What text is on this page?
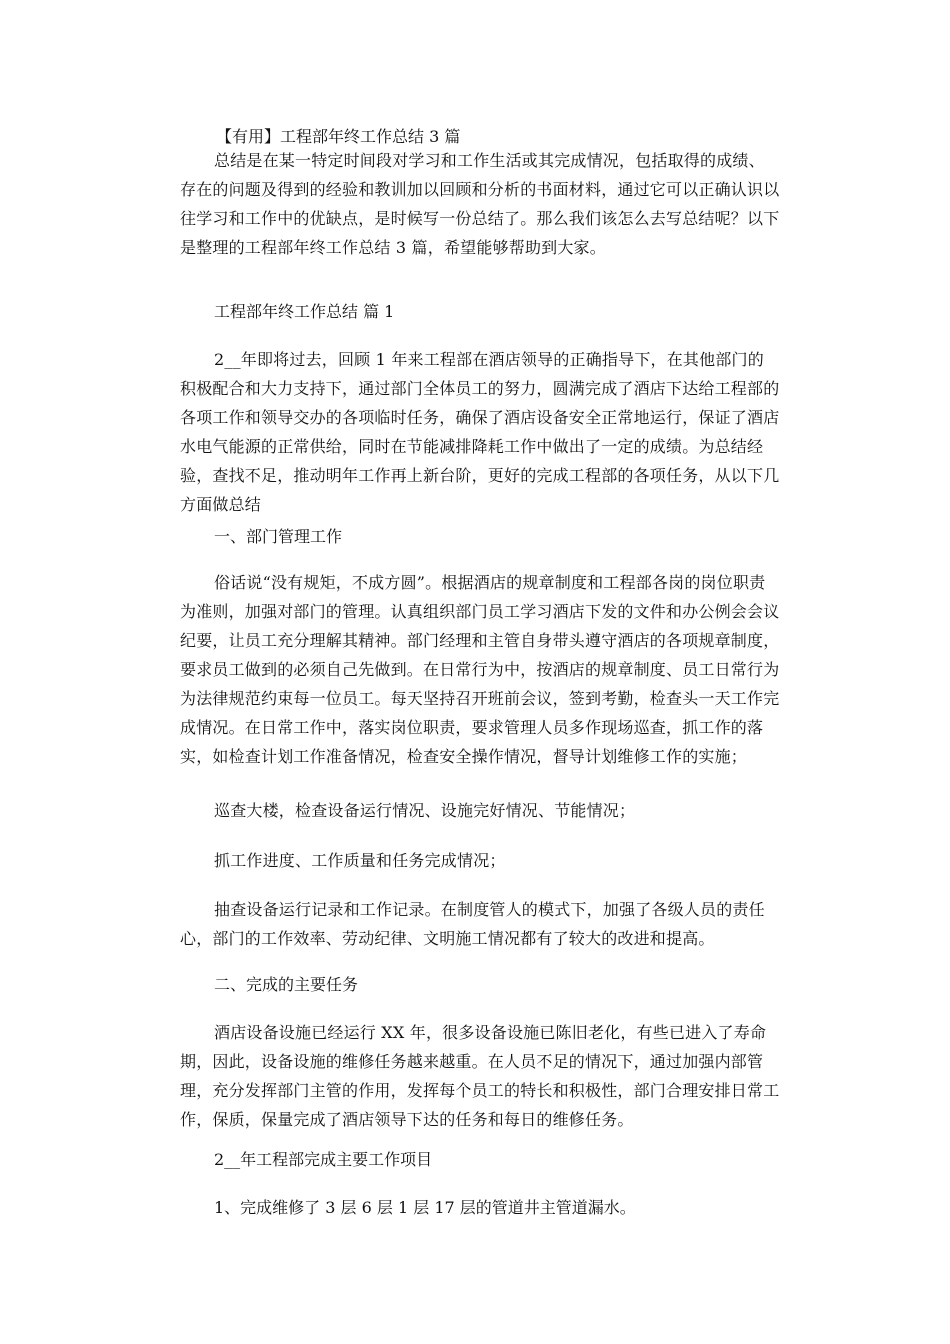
【有用】工程部年终工作总结 3 篇

总结是在某一特定时间段对学习和工作生活或其完成情况，包括取得的成绩、存在的问题及得到的经验和教训加以回顾和分析的书面材料，通过它可以正确认识以往学习和工作中的优缺点，是时候写一份总结了。那么我们该怎么去写总结呢？以下是整理的工程部年终工作总结 3 篇，希望能够帮助到大家。

工程部年终工作总结 篇 1

2__年即将过去，回顾 1 年来工程部在酒店领导的正确指导下，在其他部门的积极配合和大力支持下，通过部门全体员工的努力，圆满完成了酒店下达给工程部的各项工作和领导交办的各项临时任务，确保了酒店设备安全正常地运行，保证了酒店水电气能源的正常供给，同时在节能减排降耗工作中做出了一定的成绩。为总结经验，查找不足，推动明年工作再上新台阶，更好的完成工程部的各项任务，从以下几方面做总结

一、部门管理工作

俗话说“没有规矩，不成方圆”。根据酒店的规章制度和工程部各岗的岗位职责为准则，加强对部门的管理。认真组织部门员工学习酒店下发的文件和办公例会会议纪要，让员工充分理解其精神。部门经理和主管自身带头遵守酒店的各项规章制度，要求员工做到的必须自己先做到。在日常行为中，按酒店的规章制度、员工日常行为为法律规范约束每一位员工。每天坚持召开班前会议，签到考勤，检查头一天工作完成情况。在日常工作中，落实岗位职责，要求管理人员多作现场巡查，抓工作的落实，如检查计划工作准备情况，检查安全操作情况，督导计划维修工作的实施；

巡查大楼，检查设备运行情况、设施完好情况、节能情况；

抓工作进度、工作质量和任务完成情况；

抽查设备运行记录和工作记录。在制度管人的模式下，加强了各级人员的责任心，部门的工作效率、劳动纪律、文明施工情况都有了较大的改进和提高。

二、完成的主要任务

酒店设备设施已经运行 XX 年，很多设备设施已陈旧老化，有些已进入了寿命期，因此，设备设施的维修任务越来越重。在人员不足的情况下，通过加强内部管理，充分发挥部门主管的作用，发挥每个员工的特长和积极性，部门合理安排日常工作，保质，保量完成了酒店领导下达的任务和每日的维修任务。

2__年工程部完成主要工作项目

1、完成维修了 3 层 6 层 1 层 17 层的管道井主管道漏水。
